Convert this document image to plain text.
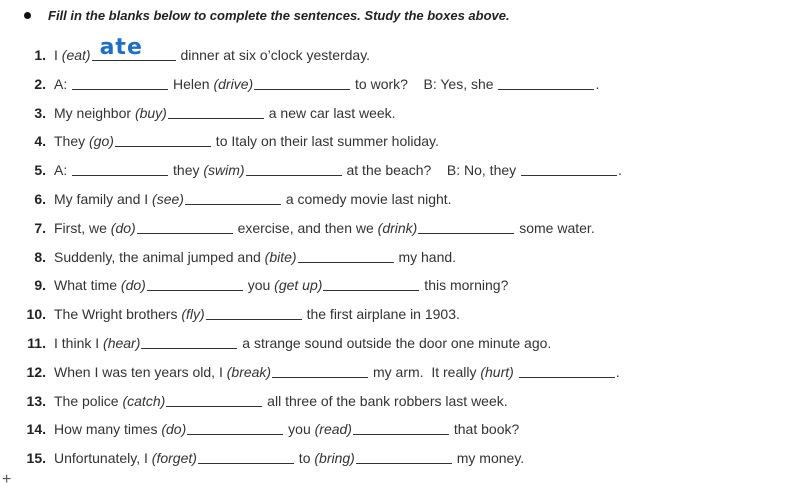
Fill in the blanks below to complete the sentences. Study the boxes above.
1. I (eat) ate	dinner at six o’clock yesterday.
2. A:	Helen (drive)	to work?    B: Yes, she	.
3. My neighbor (buy)	a new car last week.
4. They (go)	to Italy on their last summer holiday.
5. A:	they (swim)	at the beach?    B: No, they	.
6. My family and I (see)	a comedy movie last night.
7. First, we (do)	exercise, and then we (drink)	some water.
8. Suddenly, the animal jumped and (bite)	my hand.
9. What time (do)	you (get up)	this morning?
10. The Wright brothers (fly)	the first airplane in 1903.
11. I think I (hear)	a strange sound outside the door one minute ago.
12. When I was ten years old, I (break)	my arm.  It really (hurt)
	.
13. The police (catch)	all three of the bank robbers last week.
14. How many times (do)	you (read)	that book?
15. Unfortunately, I (forget)	to (bring)	my money.
+
